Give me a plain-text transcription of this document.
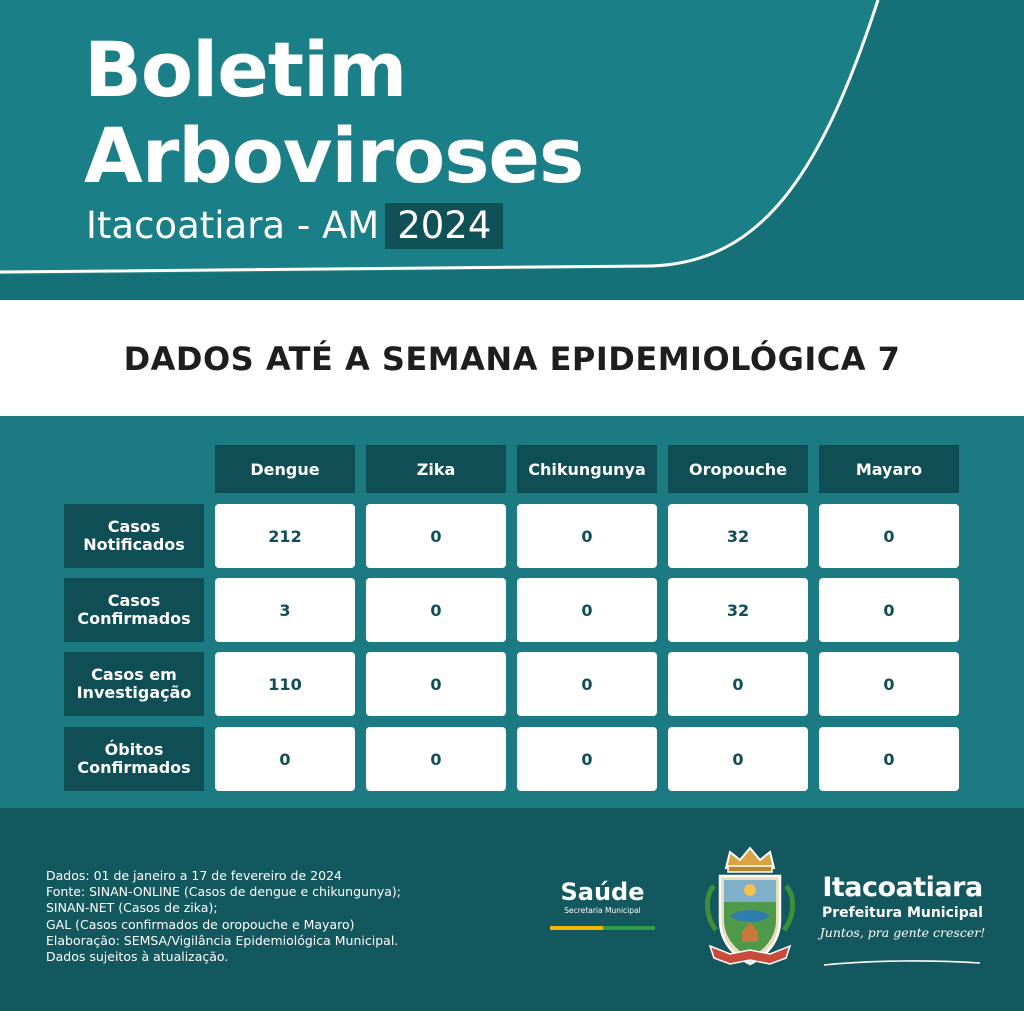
Boletim
Arboviroses
Itacoatiara - AM 2024
DADOS ATÉ A SEMANA EPIDEMIOLÓGICA 7
Dengue	Zika	Chikungunya	Oropouche	Mayaro
Casos
Notificados	212	0	0	32	0
Casos
Confirmados	3	0	0	32	0
Casos em
Investigação	110	0	0	0	0
Óbitos
Confirmados	0	0	0	0	0
Dados: 01 de janeiro a 17 de fevereiro de 2024
Fonte: SINAN-ONLINE (Casos de dengue e chikungunya);
SINAN-NET (Casos de zika);
GAL (Casos confirmados de oropouche e Mayaro)
Elaboração: SEMSA/Vigilância Epidemiológica Municipal.
Dados sujeitos à atualização.
Saúde
Secretaria Municipal
Itacoatiara
Prefeitura Municipal
Juntos, pra gente crescer!
